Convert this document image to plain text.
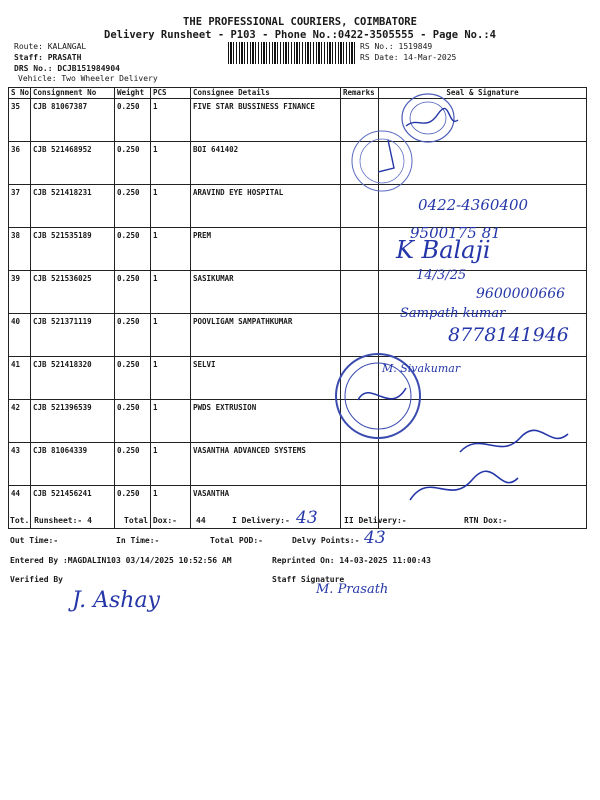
THE PROFESSIONAL COURIERS, COIMBATORE
Delivery Runsheet - P103 - Phone No.:0422-3505555 - Page No.:4
Route: KALANGAL
Staff: PRASATH
DRS No.: DCJB151984904
Vehicle: Two Wheeler Delivery
RS No.: 1519849
RS Date: 14-Mar-2025
S No	Consignment No	Weight	PCS	Consignee Details	Remarks	Seal & Signature
35	CJB 81067387	0.250	1	FIVE STAR BUSSINESS FINANCE		
36	CJB 521468952	0.250	1	BOI 641402		
37	CJB 521418231	0.250	1	ARAVIND EYE HOSPITAL		
38	CJB 521535189	0.250	1	PREM		
39	CJB 521536025	0.250	1	SASIKUMAR		
40	CJB 521371119	0.250	1	POOVLIGAM SAMPATHKUMAR		
41	CJB 521418320	0.250	1	SELVI		
42	CJB 521396539	0.250	1	PWDS EXTRUSION		
43	CJB 81064339	0.250	1	VASANTHA ADVANCED SYSTEMS		
44	CJB 521456241	0.250	1	VASANTHA		
0422-4360400
9500175 81
K Balaji
14/3/25
9600000666
Sampath kumar
8778141946
M. Sivakumar
Tot. Runsheet:- 4	Total Dox:- 44	I Delivery:- 43	II Delivery:-	RTN Dox:-
Out Time:-	In Time:-	Total POD:-	Delvy Points:- 43
Entered By :MAGDALIN103 03/14/2025 10:52:56 AM	Reprinted On: 14-03-2025 11:00:43
Verified By	Staff Signature
J. Ashay	M. Prasath
